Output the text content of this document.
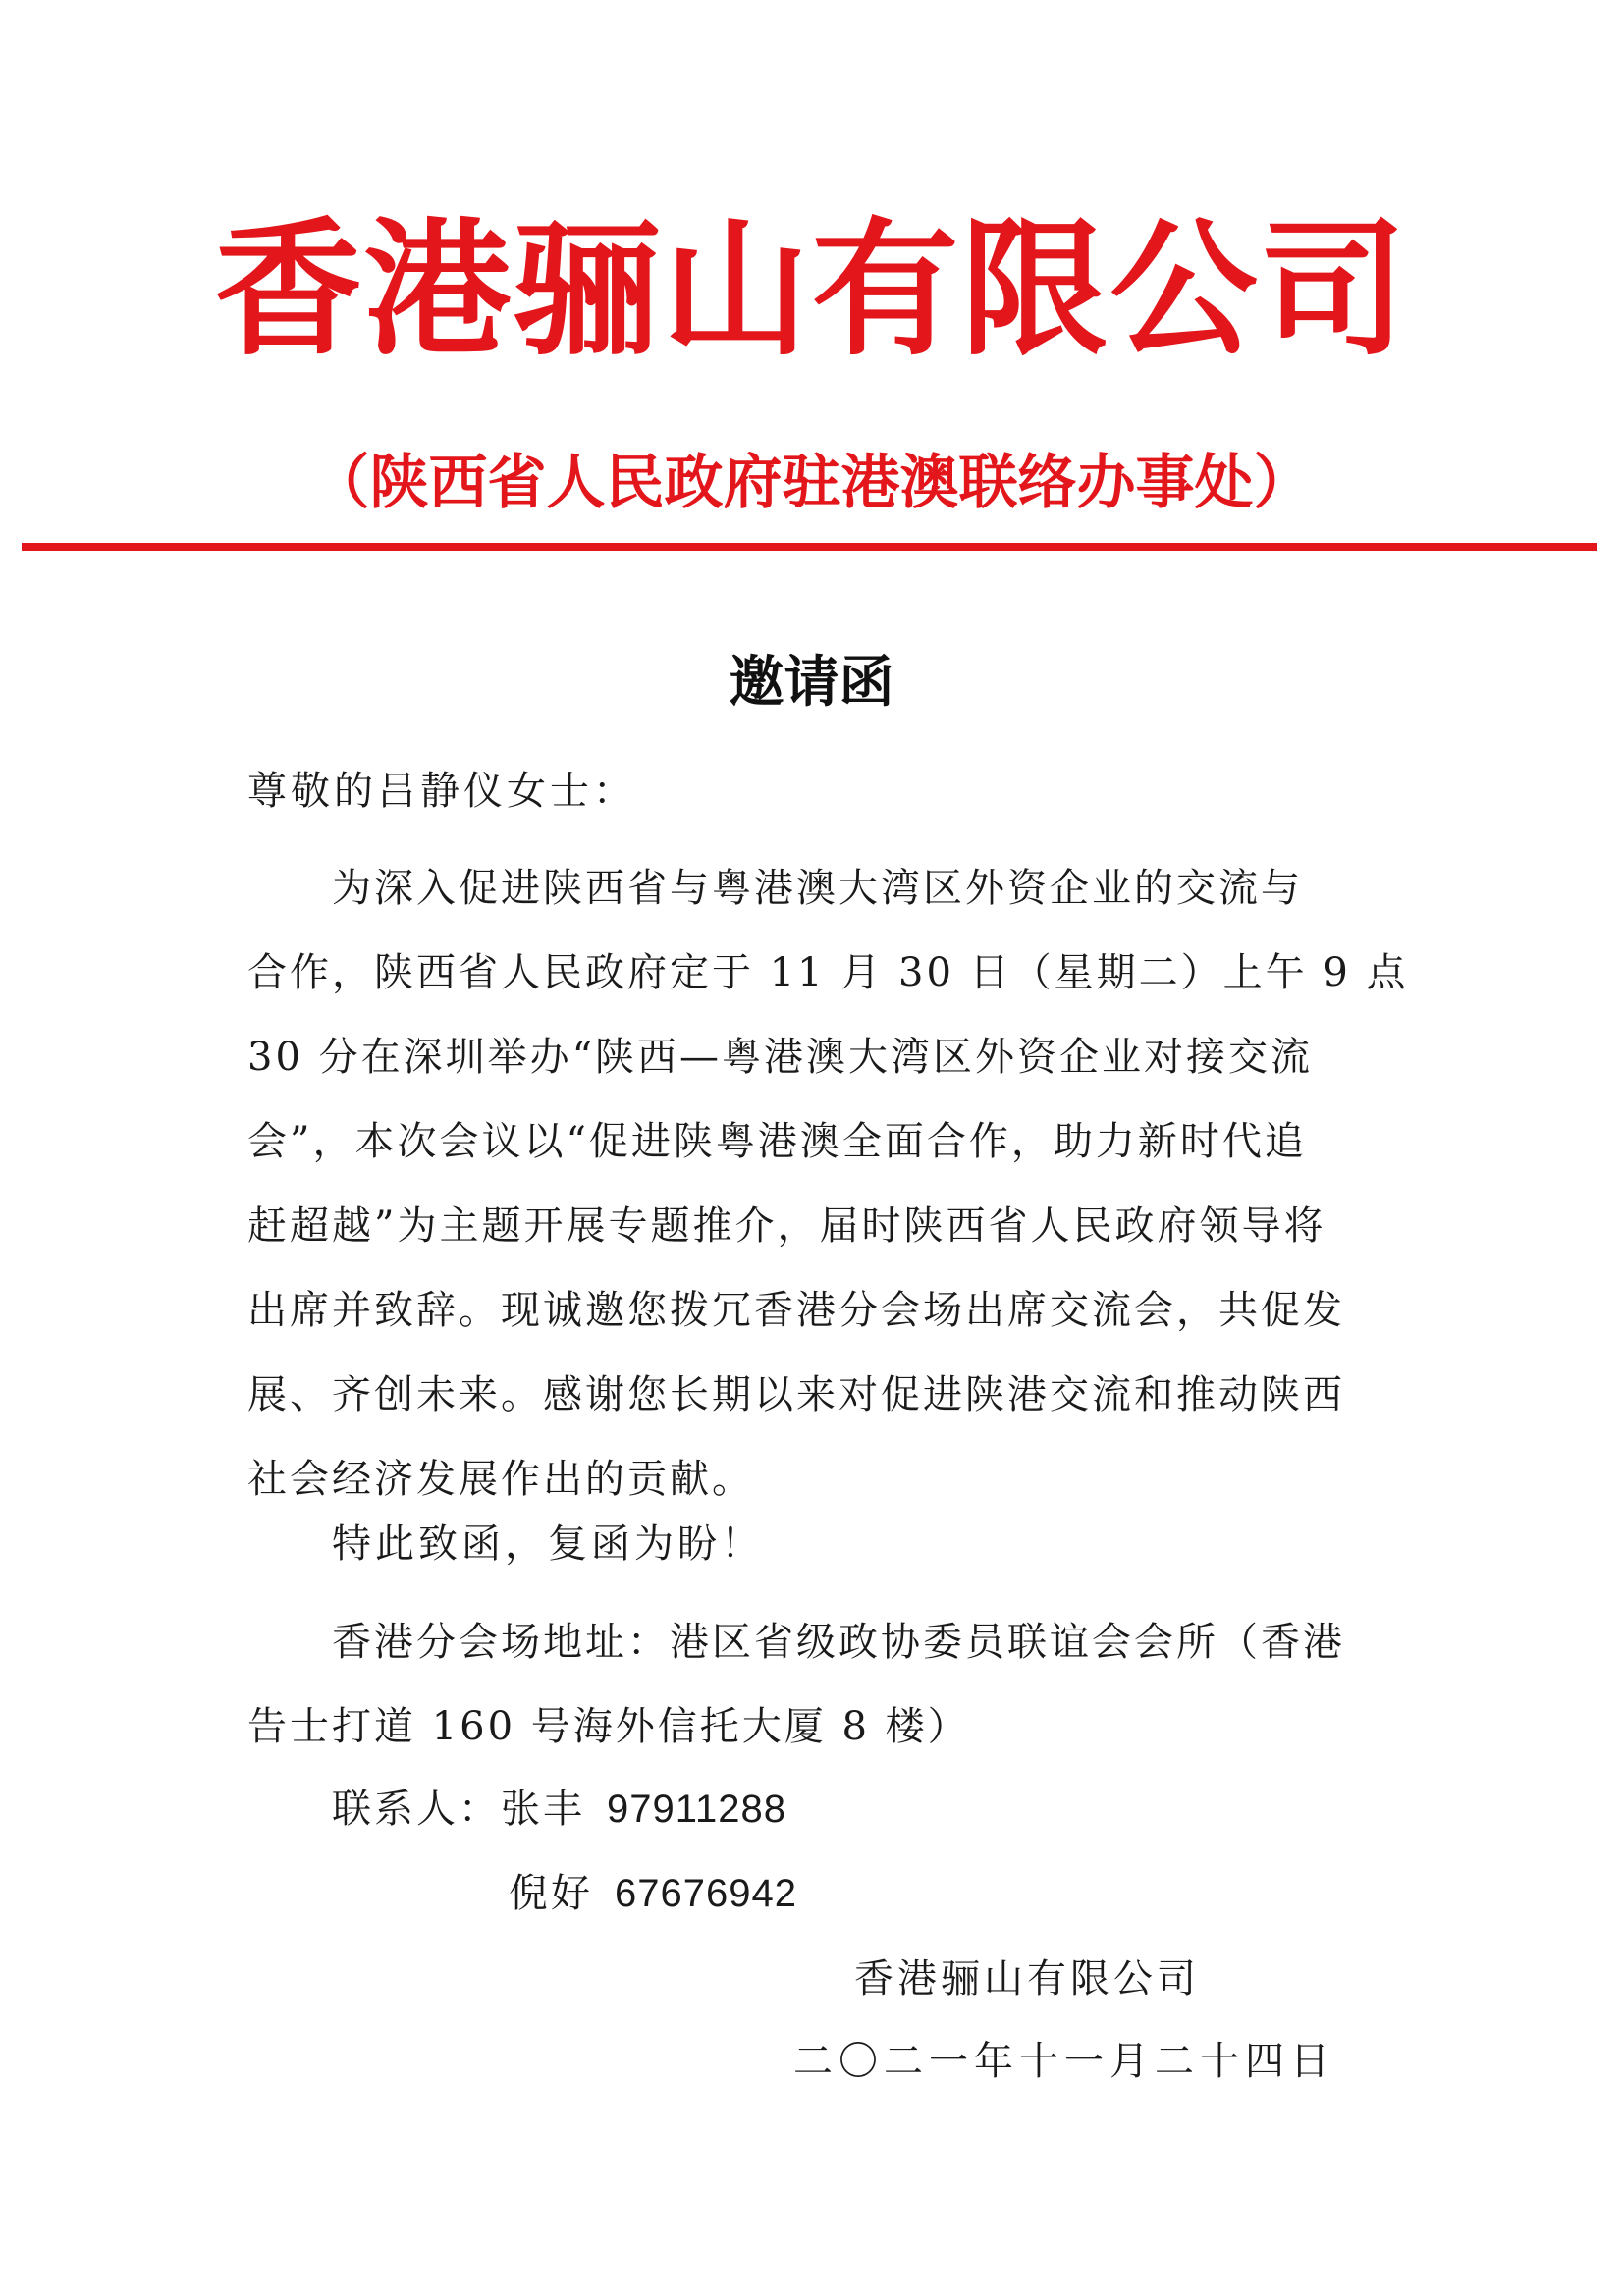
香港骊山有限公司
（陕西省人民政府驻港澳联络办事处）
邀请函
尊敬的吕静仪女士：
为深入促进陕西省与粤港澳大湾区外资企业的交流与
合作，陕西省人民政府定于 11 月 30 日（星期二）上午 9 点
30 分在深圳举办“陕西—粤港澳大湾区外资企业对接交流
会”，本次会议以“促进陕粤港澳全面合作，助力新时代追
赶超越”为主题开展专题推介，届时陕西省人民政府领导将
出席并致辞。现诚邀您拨冗香港分会场出席交流会，共促发
展、齐创未来。感谢您长期以来对促进陕港交流和推动陕西
社会经济发展作出的贡献。
特此致函，复函为盼！
香港分会场地址：港区省级政协委员联谊会会所（香港
告士打道 160 号海外信托大厦 8 楼）
联系人：张丰 97911288
倪好 67676942
香港骊山有限公司
二〇二一年十一月二十四日
